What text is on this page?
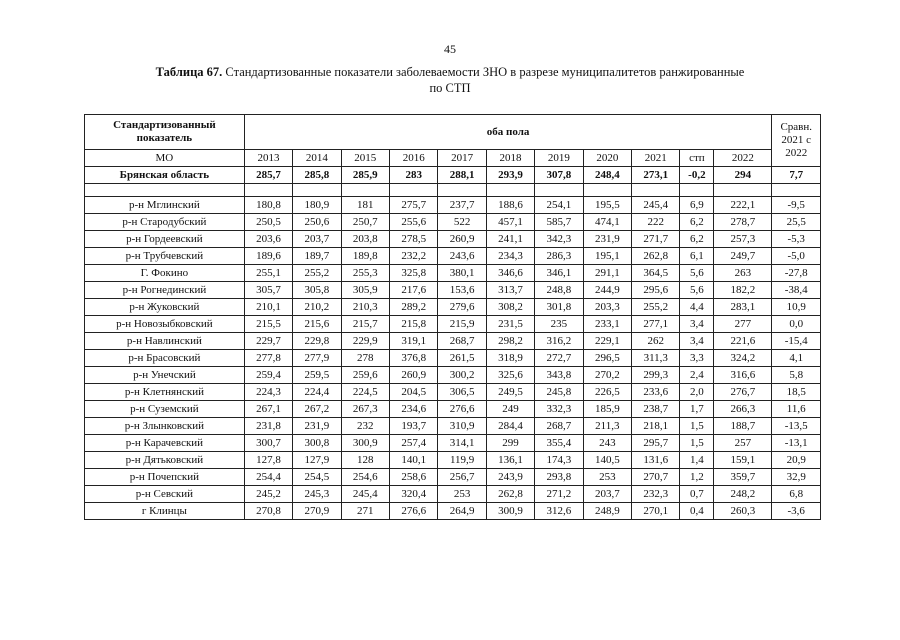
45
Таблица 67. Стандартизованные показатели заболеваемости ЗНО в разрезе муниципалитетов ранжированные
по СТП
Стандартизованный показатель	оба пола											Сравн. 2021 с 2022
МО	2013	2014	2015	2016	2017	2018	2019	2020	2021	стп	2022	
Брянская область	285,7	285,8	285,9	283	288,1	293,9	307,8	248,4	273,1	-0,2	294	7,7

р-н Мглинский	180,8	180,9	181	275,7	237,7	188,6	254,1	195,5	245,4	6,9	222,1	-9,5
р-н Стародубский	250,5	250,6	250,7	255,6	522	457,1	585,7	474,1	222	6,2	278,7	25,5
р-н Гордеевский	203,6	203,7	203,8	278,5	260,9	241,1	342,3	231,9	271,7	6,2	257,3	-5,3
р-н Трубчевский	189,6	189,7	189,8	232,2	243,6	234,3	286,3	195,1	262,8	6,1	249,7	-5,0
Г. Фокино	255,1	255,2	255,3	325,8	380,1	346,6	346,1	291,1	364,5	5,6	263	-27,8
р-н Рогнединский	305,7	305,8	305,9	217,6	153,6	313,7	248,8	244,9	295,6	5,6	182,2	-38,4
р-н Жуковский	210,1	210,2	210,3	289,2	279,6	308,2	301,8	203,3	255,2	4,4	283,1	10,9
р-н Новозыбковский	215,5	215,6	215,7	215,8	215,9	231,5	235	233,1	277,1	3,4	277	0,0
р-н Навлинский	229,7	229,8	229,9	319,1	268,7	298,2	316,2	229,1	262	3,4	221,6	-15,4
р-н Брасовский	277,8	277,9	278	376,8	261,5	318,9	272,7	296,5	311,3	3,3	324,2	4,1
р-н Унечский	259,4	259,5	259,6	260,9	300,2	325,6	343,8	270,2	299,3	2,4	316,6	5,8
р-н Клетнянский	224,3	224,4	224,5	204,5	306,5	249,5	245,8	226,5	233,6	2,0	276,7	18,5
р-н Суземский	267,1	267,2	267,3	234,6	276,6	249	332,3	185,9	238,7	1,7	266,3	11,6
р-н Злынковский	231,8	231,9	232	193,7	310,9	284,4	268,7	211,3	218,1	1,5	188,7	-13,5
р-н Карачевский	300,7	300,8	300,9	257,4	314,1	299	355,4	243	295,7	1,5	257	-13,1
р-н Дятьковский	127,8	127,9	128	140,1	119,9	136,1	174,3	140,5	131,6	1,4	159,1	20,9
р-н Почепский	254,4	254,5	254,6	258,6	256,7	243,9	293,8	253	270,7	1,2	359,7	32,9
р-н Севский	245,2	245,3	245,4	320,4	253	262,8	271,2	203,7	232,3	0,7	248,2	6,8
г Клинцы	270,8	270,9	271	276,6	264,9	300,9	312,6	248,9	270,1	0,4	260,3	-3,6
